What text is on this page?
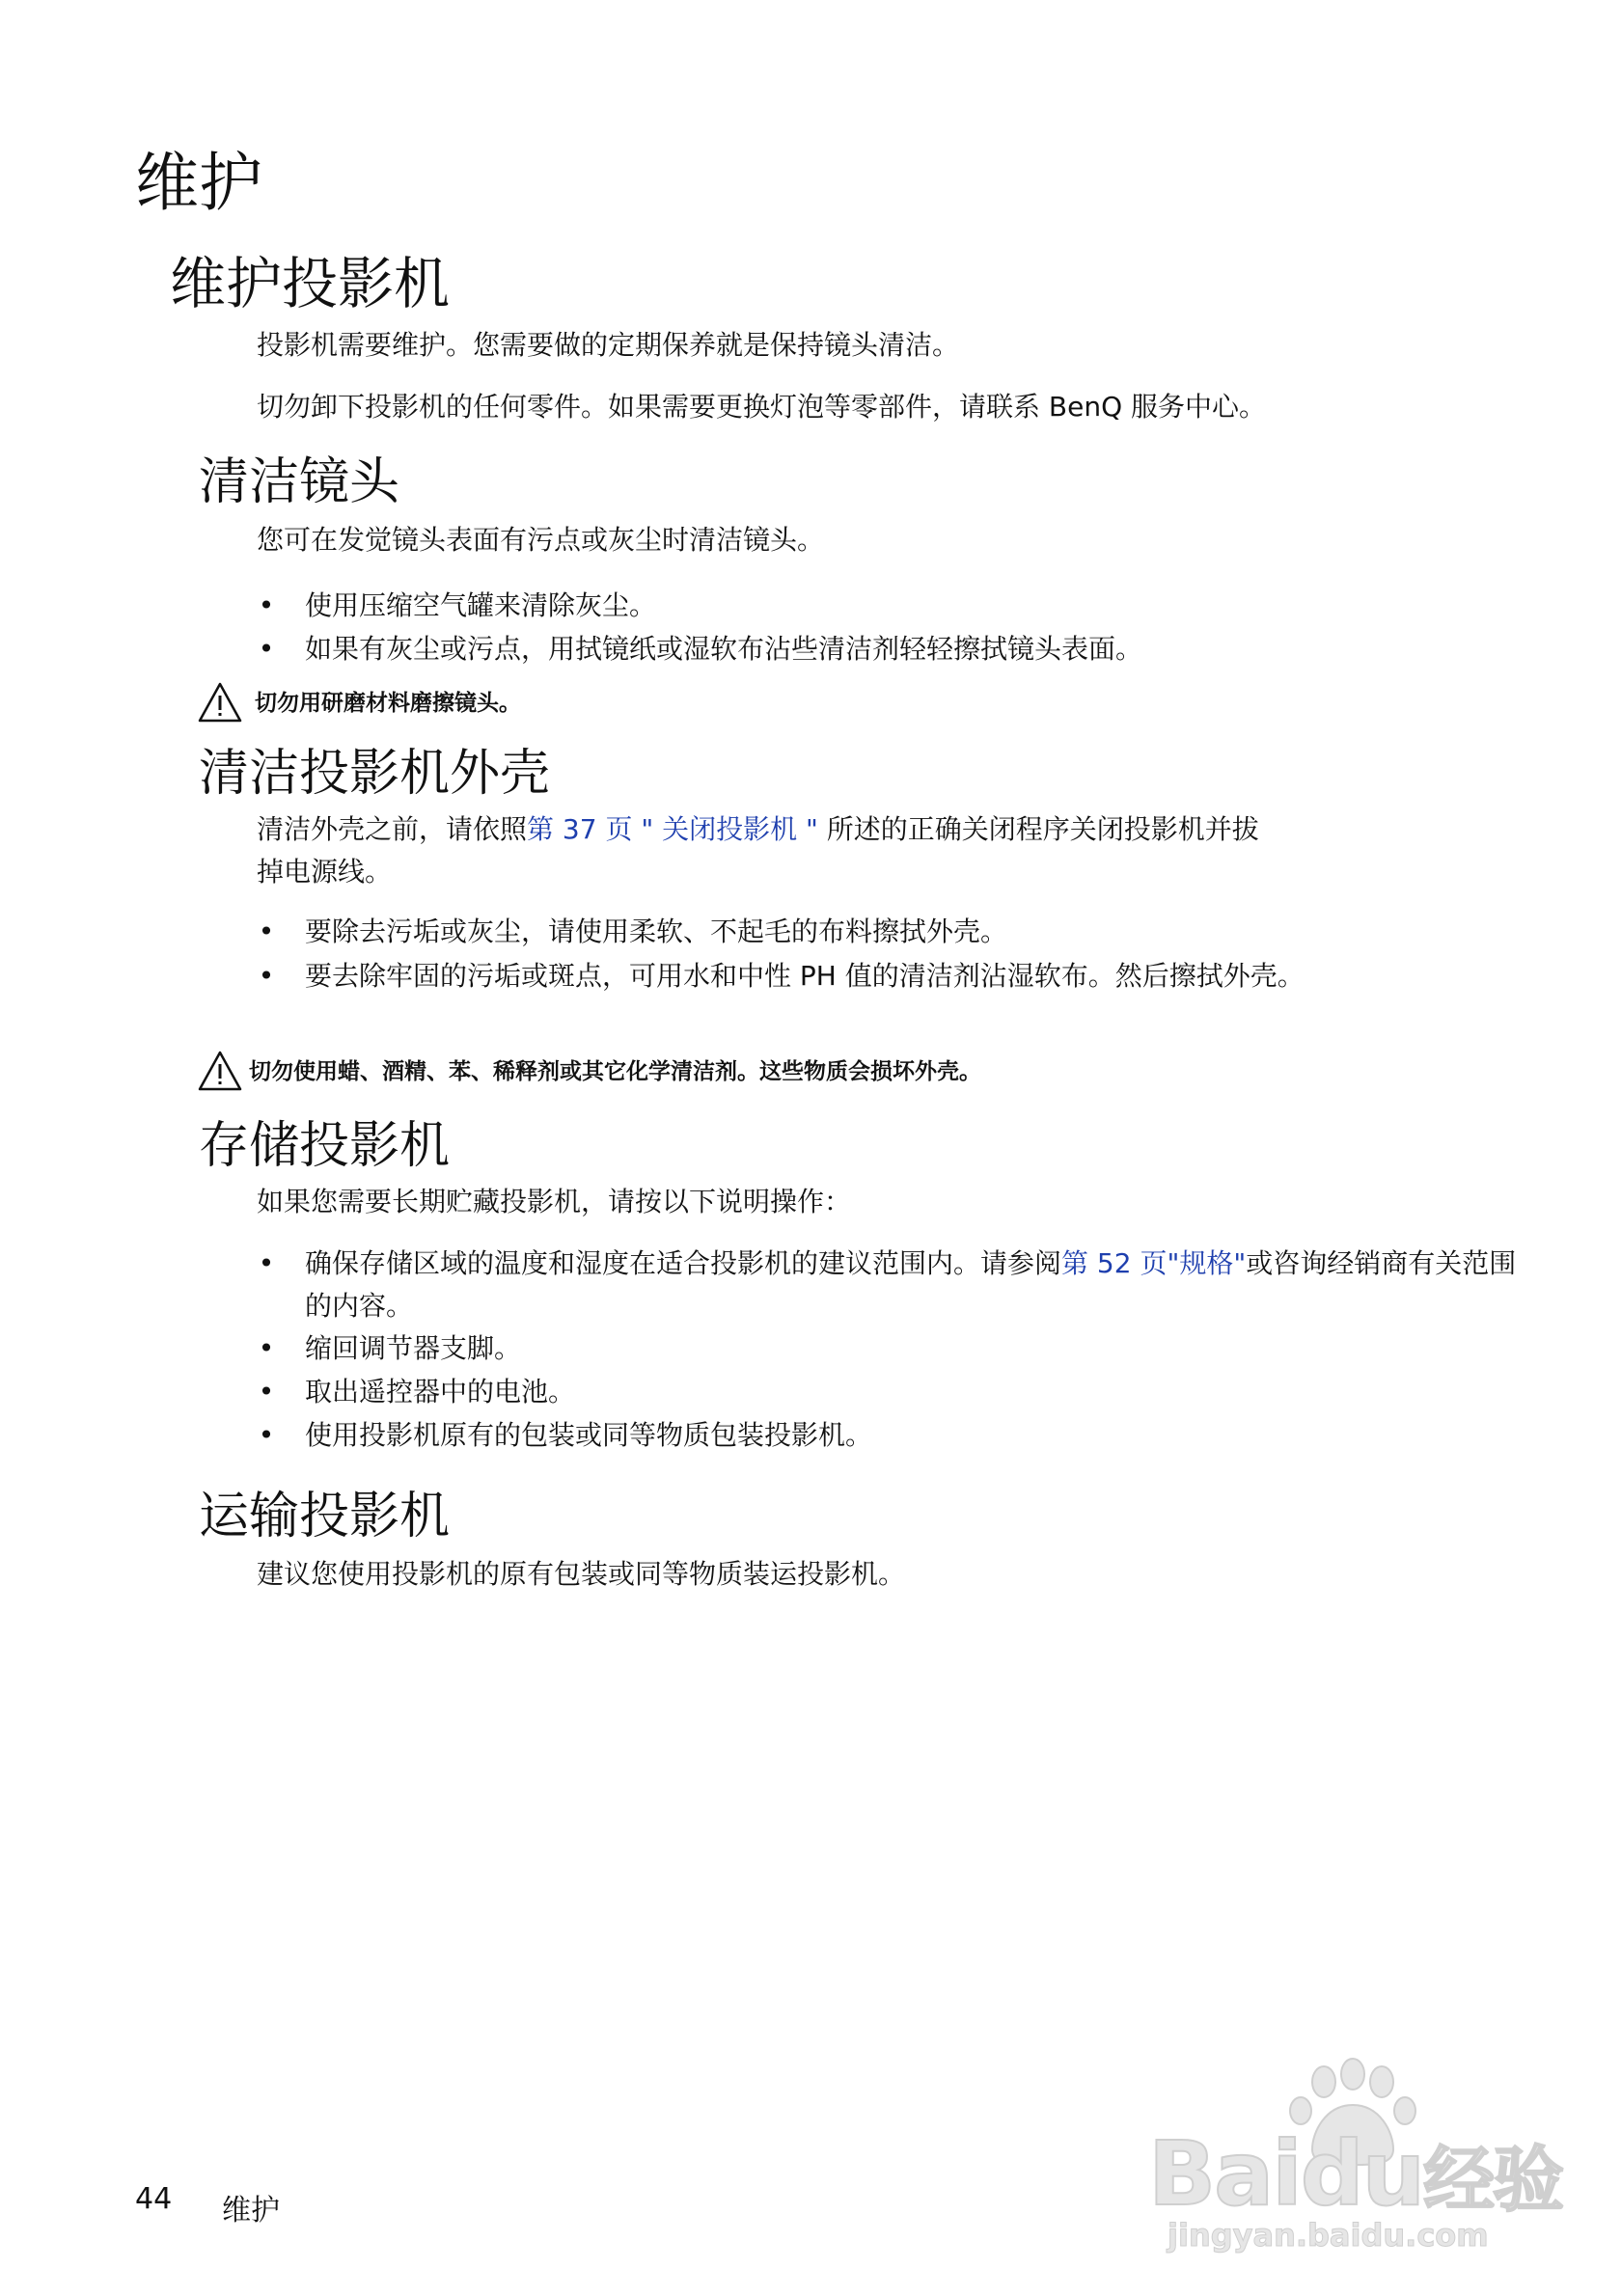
维护
维护投影机
投影机需要维护。您需要做的定期保养就是保持镜头清洁。
切勿卸下投影机的任何零件。如果需要更换灯泡等零部件，请联系 BenQ 服务中心。
清洁镜头
您可在发觉镜头表面有污点或灰尘时清洁镜头。
• 使用压缩空气罐来清除灰尘。
• 如果有灰尘或污点，用拭镜纸或湿软布沾些清洁剂轻轻擦拭镜头表面。
切勿用研磨材料磨擦镜头。
清洁投影机外壳
清洁外壳之前，请依照第 37 页 " 关闭投影机 " 所述的正确关闭程序关闭投影机并拔
掉电源线。
• 要除去污垢或灰尘，请使用柔软、不起毛的布料擦拭外壳。
• 要去除牢固的污垢或斑点，可用水和中性 PH 值的清洁剂沾湿软布。然后擦拭外壳。
切勿使用蜡、酒精、苯、稀释剂或其它化学清洁剂。这些物质会损坏外壳。
存储投影机
如果您需要长期贮藏投影机，请按以下说明操作：
• 确保存储区域的温度和湿度在适合投影机的建议范围内。请参阅第 52 页"规格"或咨询经销商有关范围的内容。
• 缩回调节器支脚。
• 取出遥控器中的电池。
• 使用投影机原有的包装或同等物质包装投影机。
运输投影机
建议您使用投影机的原有包装或同等物质装运投影机。
44 维护	Baidu经验
jingyan.baidu.com
